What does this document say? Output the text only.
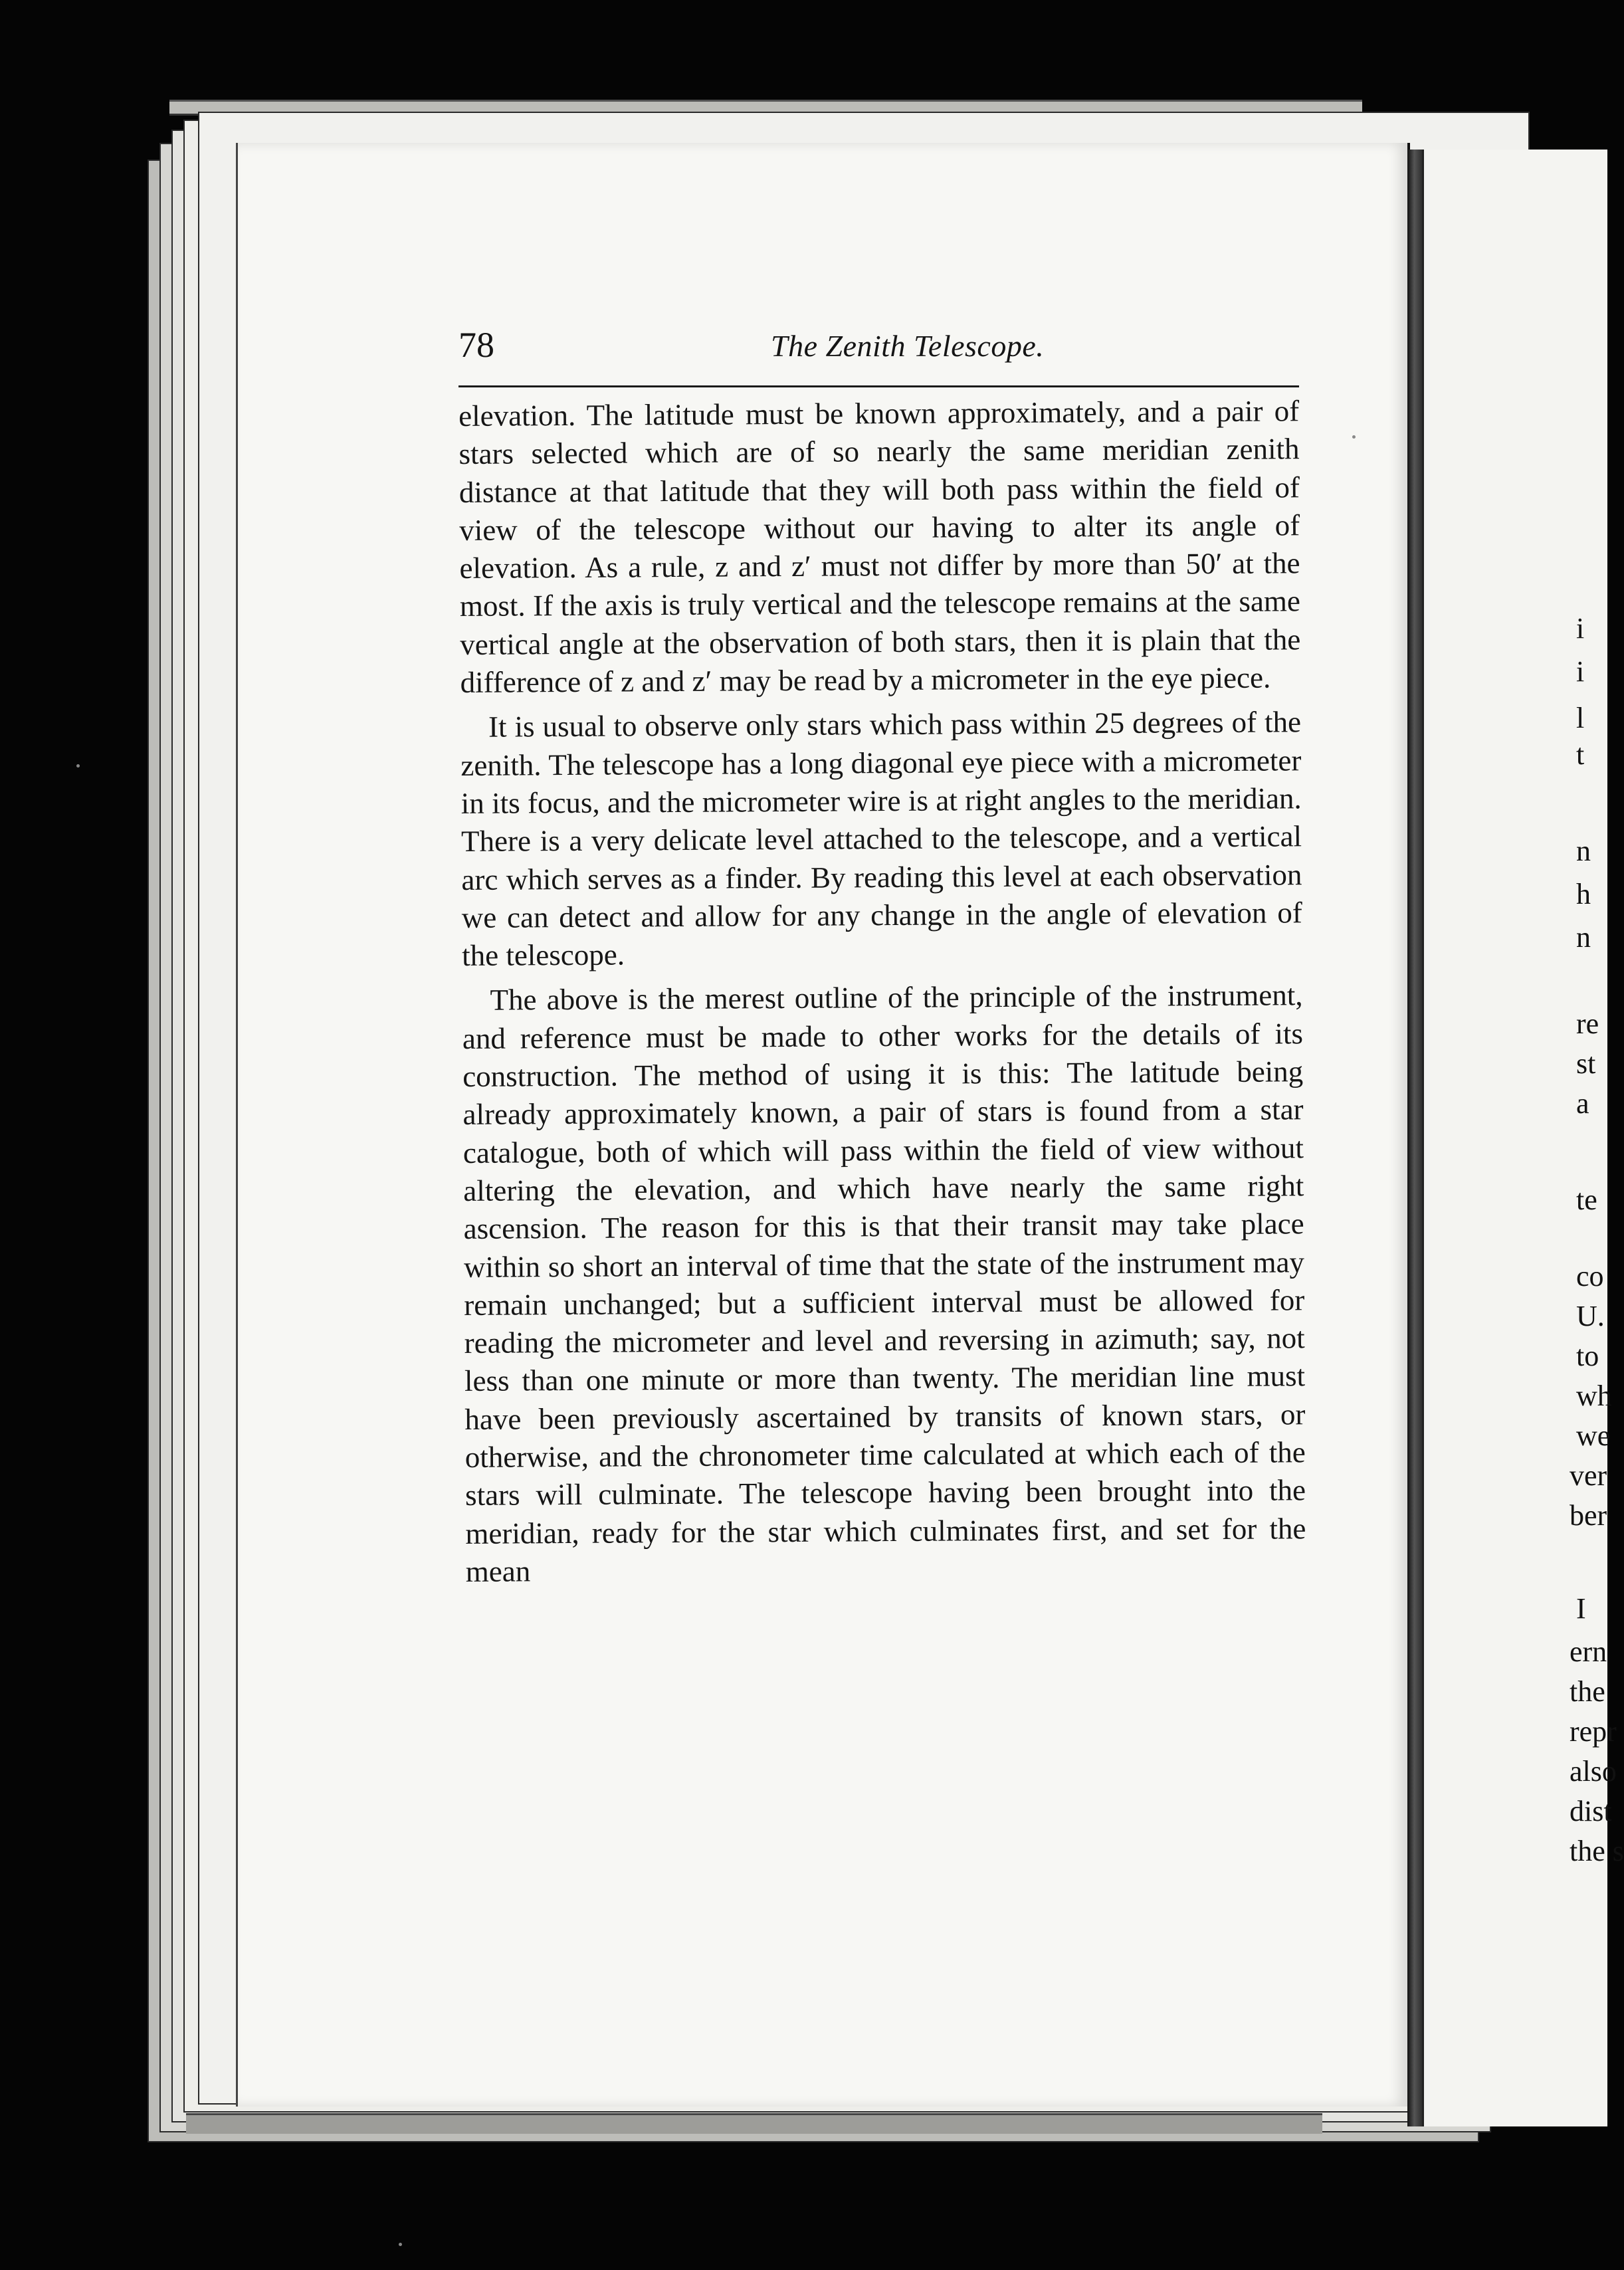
i
i
l
t
n
h
n
re
st
a
te
co
U.
to
wh
we
ver
ber
I
ern
the
repr
also
dist
the s
78	The Zenith Telescope.

elevation. The latitude must be known approximately, and a pair of stars selected which are of so nearly the same meridian zenith distance at that latitude that they will both pass within the field of view of the telescope without our having to alter its angle of elevation. As a rule, z and z′ must not differ by more than 50′ at the most. If the axis is truly vertical and the telescope remains at the same vertical angle at the observation of both stars, then it is plain that the difference of z and z′ may be read by a micrometer in the eye piece.

It is usual to observe only stars which pass within 25 degrees of the zenith. The telescope has a long diagonal eye piece with a micrometer in its focus, and the micrometer wire is at right angles to the meridian. There is a very delicate level attached to the telescope, and a vertical arc which serves as a finder. By reading this level at each observation we can detect and allow for any change in the angle of elevation of the telescope.

The above is the merest outline of the principle of the instrument, and reference must be made to other works for the details of its construction. The method of using it is this: The latitude being already approximately known, a pair of stars is found from a star catalogue, both of which will pass within the field of view without altering the elevation, and which have nearly the same right ascension. The reason for this is that their transit may take place within so short an interval of time that the state of the instrument may remain unchanged; but a sufficient interval must be allowed for reading the micrometer and level and reversing in azimuth; say, not less than one minute or more than twenty. The meridian line must have been previously ascertained by transits of known stars, or otherwise, and the chronometer time calculated at which each of the stars will culminate. The telescope having been brought into the meridian, ready for the star which culminates first, and set for the mean
